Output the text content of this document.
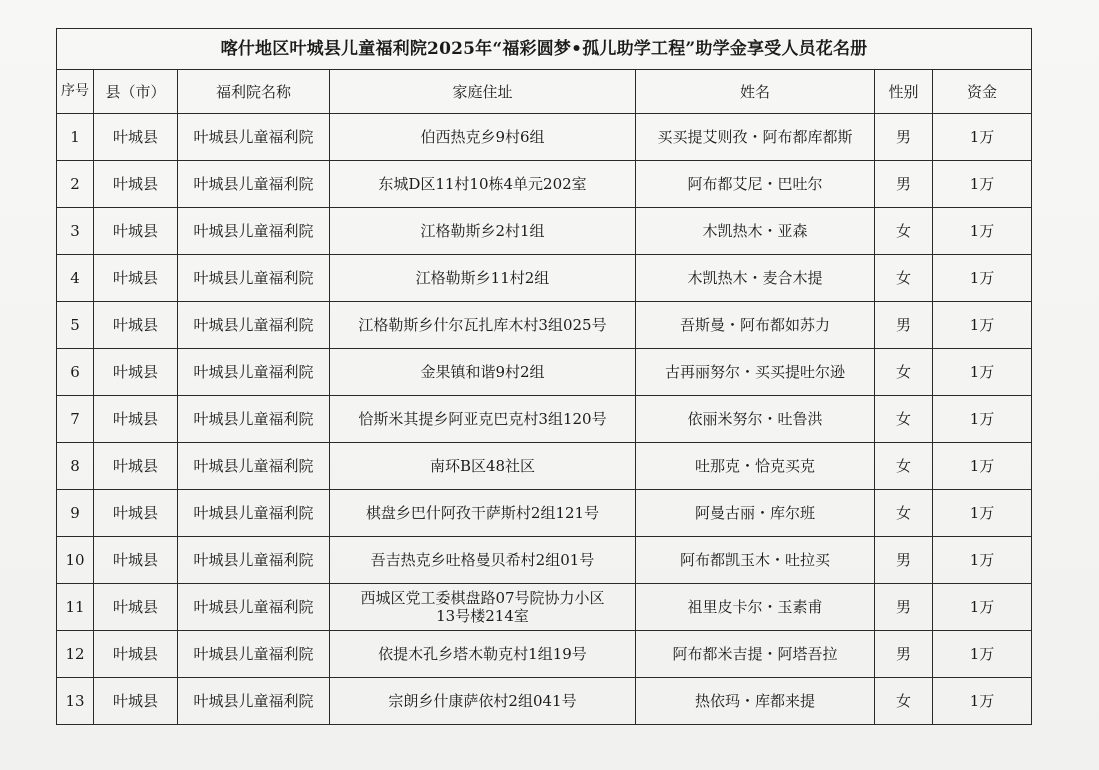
喀什地区叶城县儿童福利院2025年“福彩圆梦•孤儿助学工程”助学金享受人员花名册						
序号	县（市）	福利院名称	家庭住址	姓名	性别	资金
1	叶城县	叶城县儿童福利院	伯西热克乡9村6组	买买提艾则孜・阿布都库都斯	男	1万
2	叶城县	叶城县儿童福利院	东城D区11村10栋4单元202室	阿布都艾尼・巴吐尔	男	1万
3	叶城县	叶城县儿童福利院	江格勒斯乡2村1组	木凯热木・亚森	女	1万
4	叶城县	叶城县儿童福利院	江格勒斯乡11村2组	木凯热木・麦合木提	女	1万
5	叶城县	叶城县儿童福利院	江格勒斯乡什尔瓦扎库木村3组025号	吾斯曼・阿布都如苏力	男	1万
6	叶城县	叶城县儿童福利院	金果镇和谐9村2组	古再丽努尔・买买提吐尔逊	女	1万
7	叶城县	叶城县儿童福利院	恰斯米其提乡阿亚克巴克村3组120号	依丽米努尔・吐鲁洪	女	1万
8	叶城县	叶城县儿童福利院	南环B区48社区	吐那克・恰克买克	女	1万
9	叶城县	叶城县儿童福利院	棋盘乡巴什阿孜干萨斯村2组121号	阿曼古丽・库尔班	女	1万
10	叶城县	叶城县儿童福利院	吾吉热克乡吐格曼贝希村2组01号	阿布都凯玉木・吐拉买	男	1万
11	叶城县	叶城县儿童福利院	西城区党工委棋盘路07号院协力小区
13号楼214室	祖里皮卡尔・玉素甫	男	1万
12	叶城县	叶城县儿童福利院	依提木孔乡塔木勒克村1组19号	阿布都米吉提・阿塔吾拉	男	1万
13	叶城县	叶城县儿童福利院	宗朗乡什康萨依村2组041号	热依玛・库都来提	女	1万
